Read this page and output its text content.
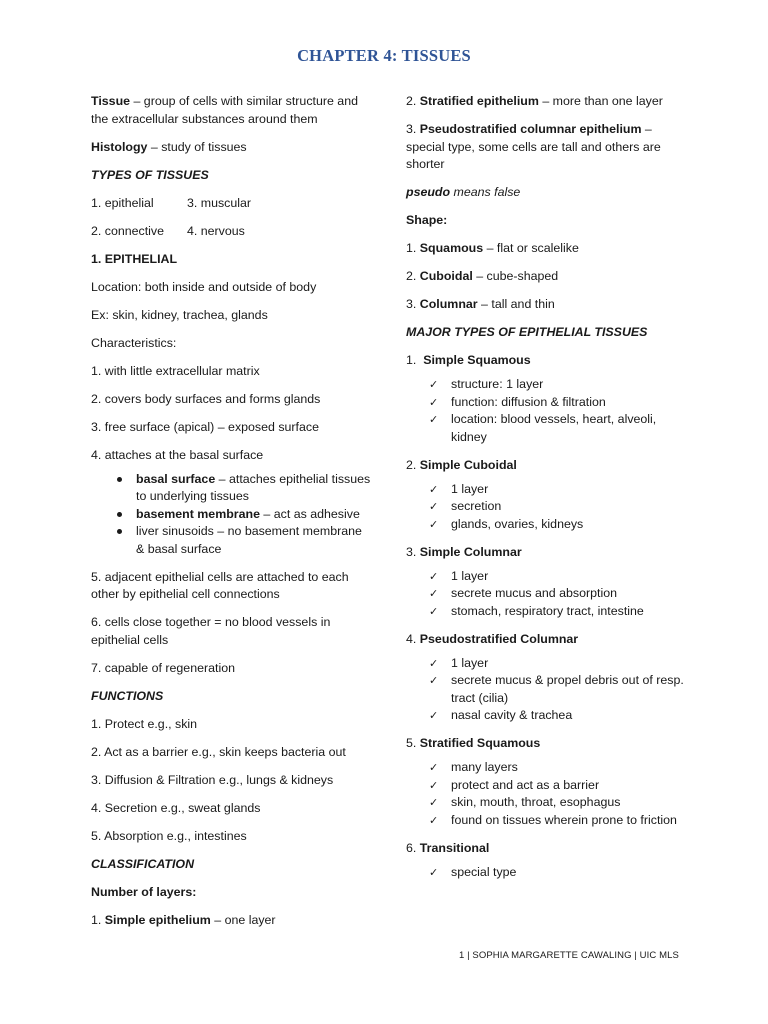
CHAPTER 4: TISSUES
Tissue – group of cells with similar structure and the extracellular substances around them
Histology – study of tissues
TYPES OF TISSUES
1. epithelial	3. muscular
2. connective	4. nervous
1. EPITHELIAL
Location: both inside and outside of body
Ex: skin, kidney, trachea, glands
Characteristics:
1. with little extracellular matrix
2. covers body surfaces and forms glands
3. free surface (apical) – exposed surface
4. attaches at the basal surface
basal surface – attaches epithelial tissues to underlying tissues
basement membrane – act as adhesive
liver sinusoids – no basement membrane & basal surface
5. adjacent epithelial cells are attached to each other by epithelial cell connections
6. cells close together = no blood vessels in epithelial cells
7. capable of regeneration
FUNCTIONS
1. Protect e.g., skin
2. Act as a barrier e.g., skin keeps bacteria out
3. Diffusion & Filtration e.g., lungs & kidneys
4. Secretion e.g., sweat glands
5. Absorption e.g., intestines
CLASSIFICATION
Number of layers:
1. Simple epithelium – one layer
2. Stratified epithelium – more than one layer
3. Pseudostratified columnar epithelium – special type, some cells are tall and others are shorter
pseudo means false
Shape:
1. Squamous – flat or scalelike
2. Cuboidal – cube-shaped
3. Columnar – tall and thin
MAJOR TYPES OF EPITHELIAL TISSUES
1.  Simple Squamous
✓ structure: 1 layer
✓ function: diffusion & filtration
✓ location: blood vessels, heart, alveoli, kidney
2. Simple Cuboidal
✓ 1 layer
✓ secretion
✓ glands, ovaries, kidneys
3. Simple Columnar
✓ 1 layer
✓ secrete mucus and absorption
✓ stomach, respiratory tract, intestine
4. Pseudostratified Columnar
✓ 1 layer
✓ secrete mucus & propel debris out of resp. tract (cilia)
✓ nasal cavity & trachea
5. Stratified Squamous
✓ many layers
✓ protect and act as a barrier
✓ skin, mouth, throat, esophagus
✓ found on tissues wherein prone to friction
6. Transitional
✓ special type
1 | SOPHIA MARGARETTE CAWALING | UIC MLS
